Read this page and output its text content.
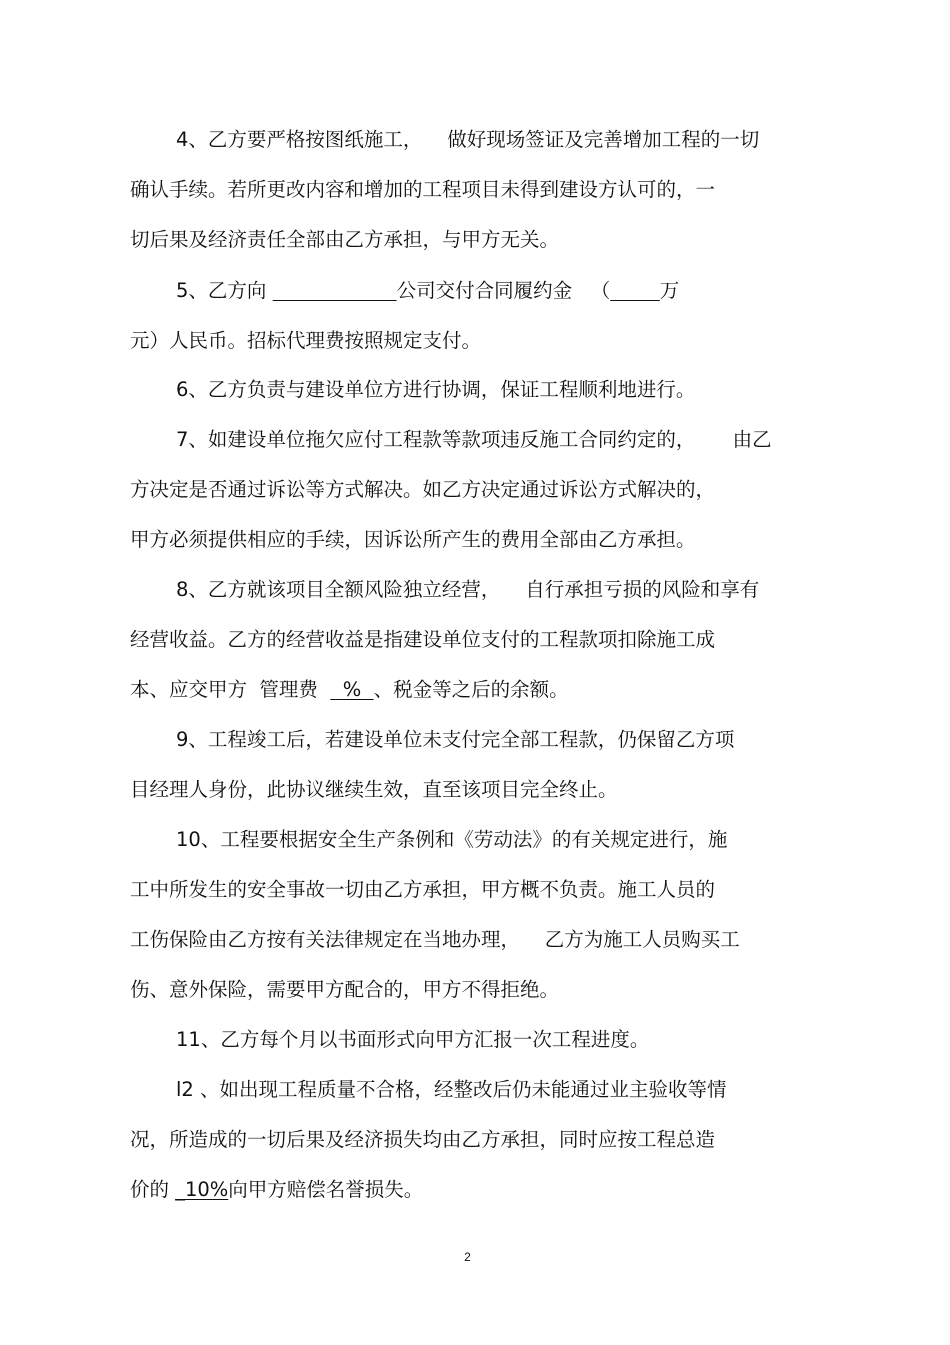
4、乙方要严格按图纸施工，    做好现场签证及完善增加工程的一切
确认手续。若所更改内容和增加的工程项目未得到建设方认可的，一
切后果及经济责任全部由乙方承担，与甲方无关。
5、乙方向	公司交付合同履约金   （	万
元）人民币。招标代理费按照规定支付。
6、乙方负责与建设单位方进行协调，保证工程顺利地进行。
7、如建设单位拖欠应付工程款等款项违反施工合同约定的，      由乙
方决定是否通过诉讼等方式解决。如乙方决定通过诉讼方式解决的，
甲方必须提供相应的手续，因诉讼所产生的费用全部由乙方承担。
8、乙方就该项目全额风险独立经营，    自行承担亏损的风险和享有
经营收益。乙方的经营收益是指建设单位支付的工程款项扣除施工成
本、应交甲方  管理费    %  、税金等之后的余额。
9、工程竣工后，若建设单位未支付完全部工程款，仍保留乙方项
目经理人身份，此协议继续生效，直至该项目完全终止。
10、工程要根据安全生产条例和《劳动法》的有关规定进行，施
工中所发生的安全事故一切由乙方承担，甲方概不负责。施工人员的
工伤保险由乙方按有关法律规定在当地办理，    乙方为施工人员购买工
伤、意外保险，需要甲方配合的，甲方不得拒绝。
11、乙方每个月以书面形式向甲方汇报一次工程进度。
l2 、如出现工程质量不合格，经整改后仍未能通过业主验收等情
况，所造成的一切后果及经济损失均由乙方承担，同时应按工程总造
价的 _10%向甲方赔偿名誉损失。
2
